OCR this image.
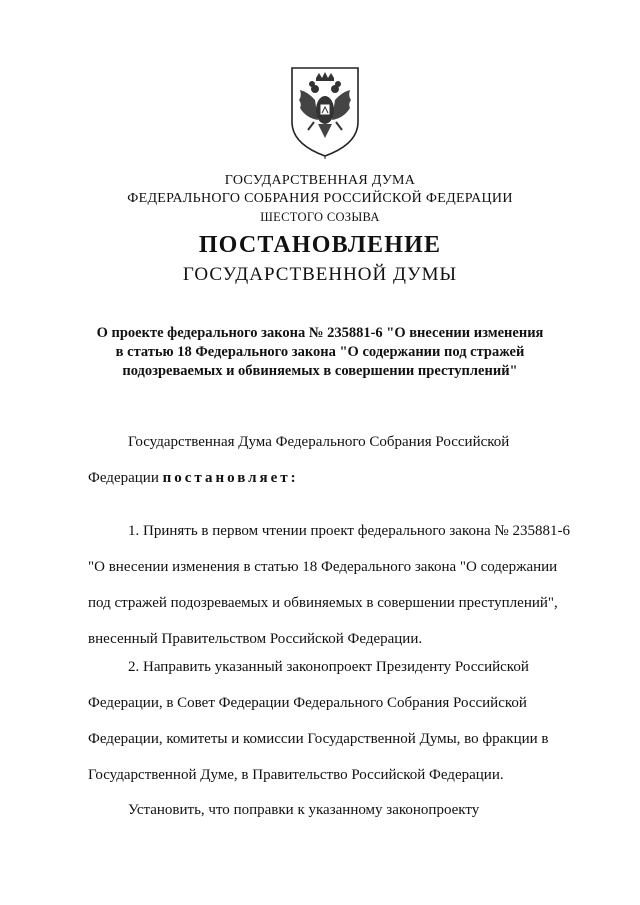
ГОСУДАРСТВЕННАЯ ДУМА
ФЕДЕРАЛЬНОГО СОБРАНИЯ РОССИЙСКОЙ ФЕДЕРАЦИИ
ШЕСТОГО СОЗЫВА
ПОСТАНОВЛЕНИЕ
ГОСУДАРСТВЕННОЙ ДУМЫ
О проекте федерального закона № 235881-6 "О внесении изменения
в статью 18 Федерального закона "О содержании под стражей
подозреваемых и обвиняемых в совершении преступлений"
Государственная Дума Федерального Собрания Российской
Федерации постановляет:
1. Принять в первом чтении проект федерального закона № 235881-6
"О внесении изменения в статью 18 Федерального закона "О содержании
под стражей подозреваемых и обвиняемых в совершении преступлений",
внесенный Правительством Российской Федерации.
2. Направить указанный законопроект Президенту Российской
Федерации, в Совет Федерации Федерального Собрания Российской
Федерации, комитеты и комиссии Государственной Думы, во фракции в
Государственной Думе, в Правительство Российской Федерации.
Установить, что поправки к указанному законопроекту
